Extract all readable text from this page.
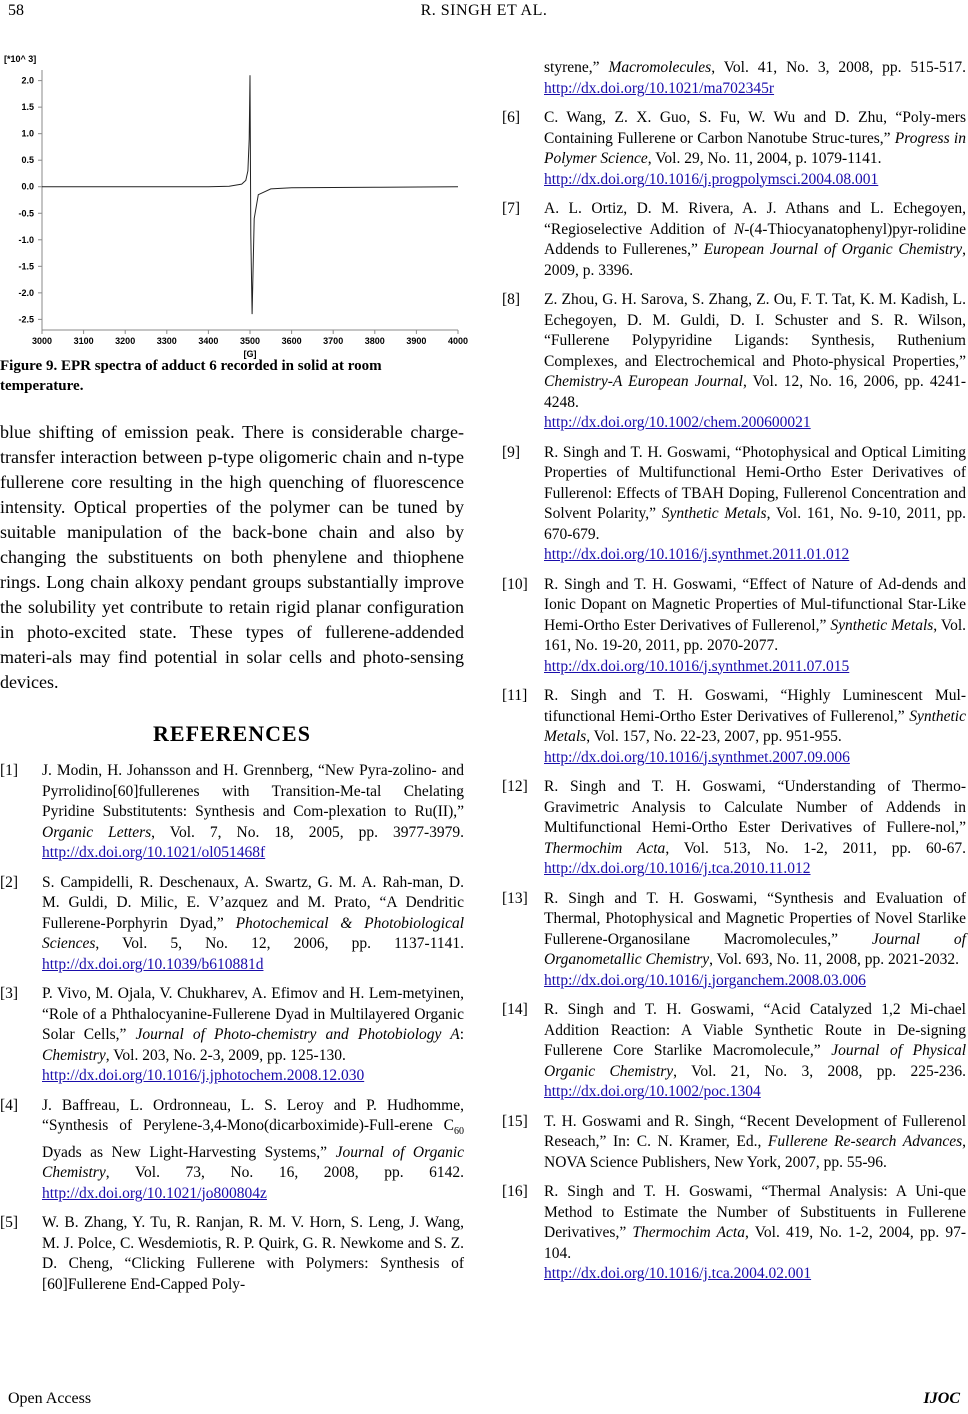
58	R. SINGH ET AL.
2.0
1.5
1.0
0.5
0.0
-0.5
-1.0
-1.5
-2.0
-2.5
3000 3100 3200 3300 3400 3500 3600 3700 3800 3900 4000
[G]
[*10^ 3]
Figure 9. EPR spectra of adduct 6 recorded in solid at room temperature.
blue shifting of emission peak. There is considerable charge-transfer interaction between p-type oligomeric chain and n-type fullerene core resulting in the high quenching of fluorescence intensity. Optical properties of the polymer can be tuned by suitable manipulation of the back-bone chain and also by changing the substituents on both phenylene and thiophene rings. Long chain alkoxy pendant groups substantially improve the solubility yet contribute to retain rigid planar configuration in photo-excited state. These types of fullerene-addended materi-als may find potential in solar cells and photo-sensing devices.
REFERENCES
[1] J. Modin, H. Johansson and H. Grennberg, “New Pyra-zolino- and Pyrrolidino[60]fullerenes with Transition-Me-tal Chelating Pyridine Substitutents: Synthesis and Com-plexation to Ru(II),” Organic Letters, Vol. 7, No. 18, 2005, pp. 3977-3979. http://dx.doi.org/10.1021/ol051468f
[2] S. Campidelli, R. Deschenaux, A. Swartz, G. M. A. Rah-man, D. M. Guldi, D. Milic, E. V’azquez and M. Prato, “A Dendritic Fullerene-Porphyrin Dyad,” Photochemical & Photobiological Sciences, Vol. 5, No. 12, 2006, pp. 1137-1141. http://dx.doi.org/10.1039/b610881d
[3] P. Vivo, M. Ojala, V. Chukharev, A. Efimov and H. Lem-metyinen, “Role of a Phthalocyanine-Fullerene Dyad in Multilayered Organic Solar Cells,” Journal of Photo-chemistry and Photobiology A: Chemistry, Vol. 203, No. 2-3, 2009, pp. 125-130.
http://dx.doi.org/10.1016/j.jphotochem.2008.12.030
[4] J. Baffreau, L. Ordronneau, L. S. Leroy and P. Hudhomme, “Synthesis of Perylene-3,4-Mono(dicarboximide)-Full-erene $C_{60}$ Dyads as New Light-Harvesting Systems,” Journal of Organic Chemistry, Vol. 73, No. 16, 2008, pp. 6142. http://dx.doi.org/10.1021/jo800804z
[5] W. B. Zhang, Y. Tu, R. Ranjan, R. M. V. Horn, S. Leng, J. Wang, M. J. Polce, C. Wesdemiotis, R. P. Quirk, G. R. Newkome and S. Z. D. Cheng, “Clicking Fullerene with Polymers: Synthesis of [60]Fullerene End-Capped Poly-
styrene,” Macromolecules, Vol. 41, No. 3, 2008, pp. 515-517. http://dx.doi.org/10.1021/ma702345r
[6] C. Wang, Z. X. Guo, S. Fu, W. Wu and D. Zhu, “Poly-mers Containing Fullerene or Carbon Nanotube Struc-tures,” Progress in Polymer Science, Vol. 29, No. 11, 2004, p. 1079-1141.
http://dx.doi.org/10.1016/j.progpolymsci.2004.08.001
[7] A. L. Ortiz, D. M. Rivera, A. J. Athans and L. Echegoyen, “Regioselective Addition of N-(4-Thiocyanatophenyl)pyr-rolidine Addends to Fullerenes,” European Journal of Organic Chemistry, 2009, p. 3396.
[8] Z. Zhou, G. H. Sarova, S. Zhang, Z. Ou, F. T. Tat, K. M. Kadish, L. Echegoyen, D. M. Guldi, D. I. Schuster and S. R. Wilson, “Fullerene Polypyridine Ligands: Synthesis, Ruthenium Complexes, and Electrochemical and Photo-physical Properties,” Chemistry-A European Journal, Vol. 12, No. 16, 2006, pp. 4241-4248.
http://dx.doi.org/10.1002/chem.200600021
[9] R. Singh and T. H. Goswami, “Photophysical and Optical Limiting Properties of Multifunctional Hemi-Ortho Ester Derivatives of Fullerenol: Effects of TBAH Doping, Fullerenol Concentration and Solvent Polarity,” Synthetic Metals, Vol. 161, No. 9-10, 2011, pp. 670-679.
http://dx.doi.org/10.1016/j.synthmet.2011.01.012
[10] R. Singh and T. H. Goswami, “Effect of Nature of Ad-dends and Ionic Dopant on Magnetic Properties of Mul-tifunctional Star-Like Hemi-Ortho Ester Derivatives of Fullerenol,” Synthetic Metals, Vol. 161, No. 19-20, 2011, pp. 2070-2077.
http://dx.doi.org/10.1016/j.synthmet.2011.07.015
[11] R. Singh and T. H. Goswami, “Highly Luminescent Mul-tifunctional Hemi-Ortho Ester Derivatives of Fullerenol,” Synthetic Metals, Vol. 157, No. 22-23, 2007, pp. 951-955.
http://dx.doi.org/10.1016/j.synthmet.2007.09.006
[12] R. Singh and T. H. Goswami, “Understanding of Thermo-Gravimetric Analysis to Calculate Number of Addends in Multifunctional Hemi-Ortho Ester Derivatives of Fullere-nol,” Thermochim Acta, Vol. 513, No. 1-2, 2011, pp. 60-67. http://dx.doi.org/10.1016/j.tca.2010.11.012
[13] R. Singh and T. H. Goswami, “Synthesis and Evaluation of Thermal, Photophysical and Magnetic Properties of Novel Starlike Fullerene-Organosilane Macromolecules,” Journal of Organometallic Chemistry, Vol. 693, No. 11, 2008, pp. 2021-2032.
http://dx.doi.org/10.1016/j.jorganchem.2008.03.006
[14] R. Singh and T. H. Goswami, “Acid Catalyzed 1,2 Mi-chael Addition Reaction: A Viable Synthetic Route in De-signing Fullerene Core Starlike Macromolecule,” Journal of Physical Organic Chemistry, Vol. 21, No. 3, 2008, pp. 225-236. http://dx.doi.org/10.1002/poc.1304
[15] T. H. Goswami and R. Singh, “Recent Development of Fullerenol Reseach,” In: C. N. Kramer, Ed., Fullerene Re-search Advances, NOVA Science Publishers, New York, 2007, pp. 55-96.
[16] R. Singh and T. H. Goswami, “Thermal Analysis: A Uni-que Method to Estimate the Number of Substituents in Fullerene Derivatives,” Thermochim Acta, Vol. 419, No. 1-2, 2004, pp. 97-104.
http://dx.doi.org/10.1016/j.tca.2004.02.001
Open Access	IJOC
